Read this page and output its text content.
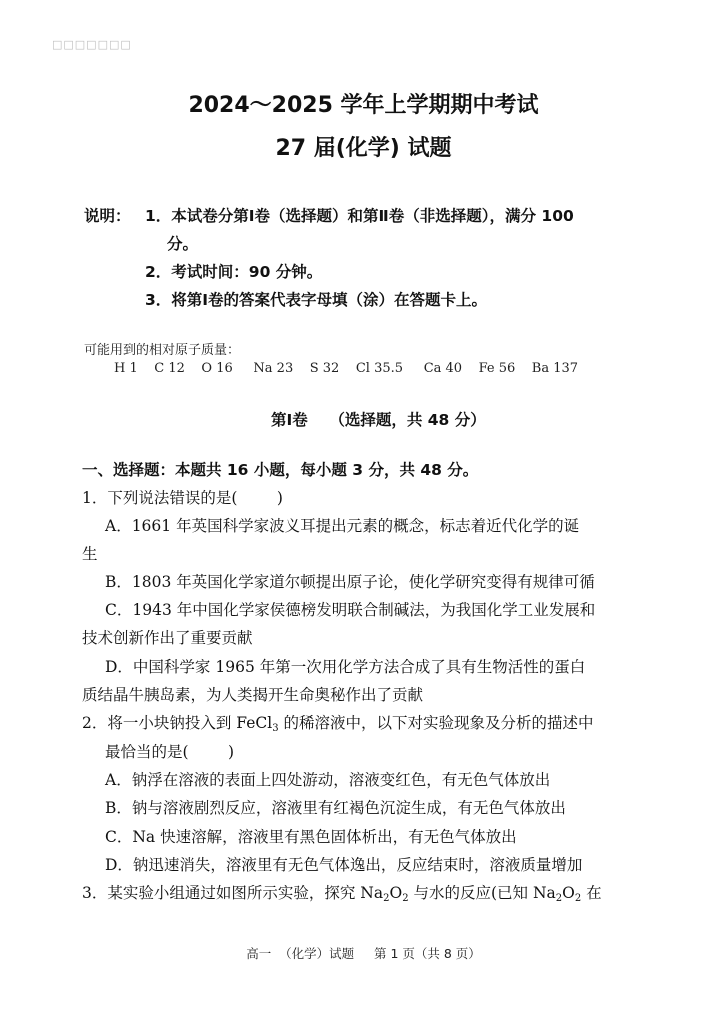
□□□□□□□
2024～2025 学年上学期期中考试
27 届(化学) 试题
说明： 1．本试卷分第Ⅰ卷（选择题）和第Ⅱ卷（非选择题），满分 100
分。
2．考试时间：90 分钟。
3．将第Ⅰ卷的答案代表字母填（涂）在答题卡上。
可能用到的相对原子质量：
H 1    C 12    O 16     Na 23    S 32    Cl 35.5     Ca 40    Fe 56    Ba 137
第Ⅰ卷    （选择题，共 48 分）
一、选择题：本题共 16 小题，每小题 3 分，共 48 分。
1．下列说法错误的是(        )
A．1661 年英国科学家波义耳提出元素的概念，标志着近代化学的诞
生
B．1803 年英国化学家道尔顿提出原子论，使化学研究变得有规律可循
C．1943 年中国化学家侯德榜发明联合制碱法，为我国化学工业发展和
技术创新作出了重要贡献
D．中国科学家 1965 年第一次用化学方法合成了具有生物活性的蛋白
质结晶牛胰岛素，为人类揭开生命奥秘作出了贡献
2．将一小块钠投入到 FeCl$_3$ 的稀溶液中，以下对实验现象及分析的描述中
最恰当的是(        )
A．钠浮在溶液的表面上四处游动，溶液变红色，有无色气体放出
B．钠与溶液剧烈反应，溶液里有红褐色沉淀生成，有无色气体放出
C．Na 快速溶解，溶液里有黑色固体析出，有无色气体放出
D．钠迅速消失，溶液里有无色气体逸出，反应结束时，溶液质量增加
3．某实验小组通过如图所示实验，探究 $Na_2O_2$ 与水的反应(已知 $Na_2O_2$ 在
高一  （化学）试题     第 1 页（共 8 页）
